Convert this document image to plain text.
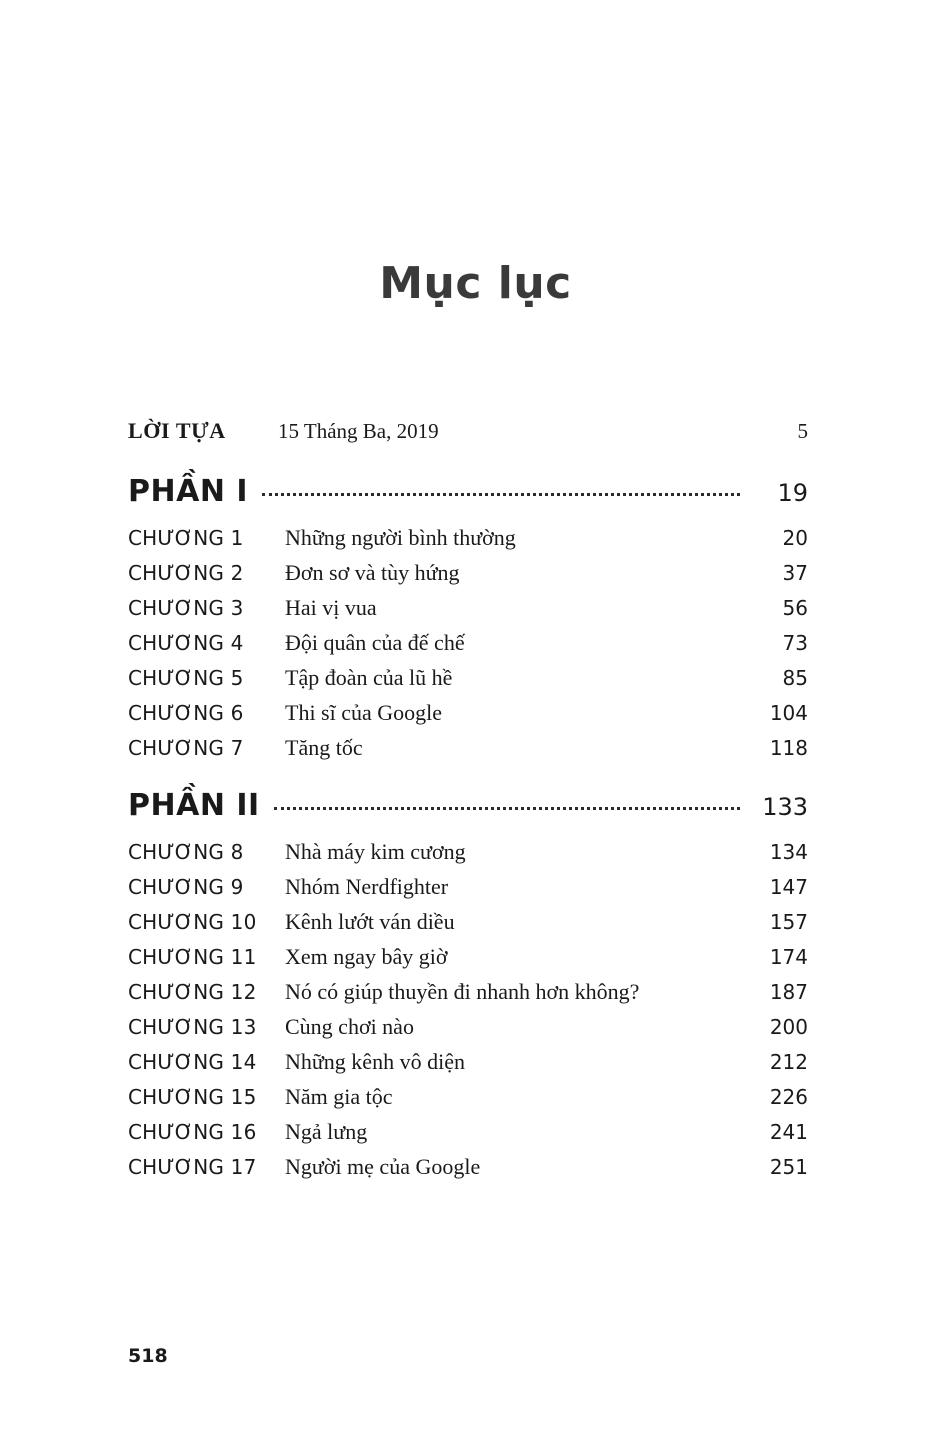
Mục lục
LỜI TỰA	15 Tháng Ba, 2019	5
PHẦN I	19
CHƯƠNG 1	Những người bình thường	20
CHƯƠNG 2	Đơn sơ và tùy hứng	37
CHƯƠNG 3	Hai vị vua	56
CHƯƠNG 4	Đội quân của đế chế	73
CHƯƠNG 5	Tập đoàn của lũ hề	85
CHƯƠNG 6	Thi sĩ của Google	104
CHƯƠNG 7	Tăng tốc	118
PHẦN II	133
CHƯƠNG 8	Nhà máy kim cương	134
CHƯƠNG 9	Nhóm Nerdfighter	147
CHƯƠNG 10	Kênh lướt ván diều	157
CHƯƠNG 11	Xem ngay bây giờ	174
CHƯƠNG 12	Nó có giúp thuyền đi nhanh hơn không?	187
CHƯƠNG 13	Cùng chơi nào	200
CHƯƠNG 14	Những kênh vô diện	212
CHƯƠNG 15	Năm gia tộc	226
CHƯƠNG 16	Ngả lưng	241
CHƯƠNG 17	Người mẹ của Google	251
518
